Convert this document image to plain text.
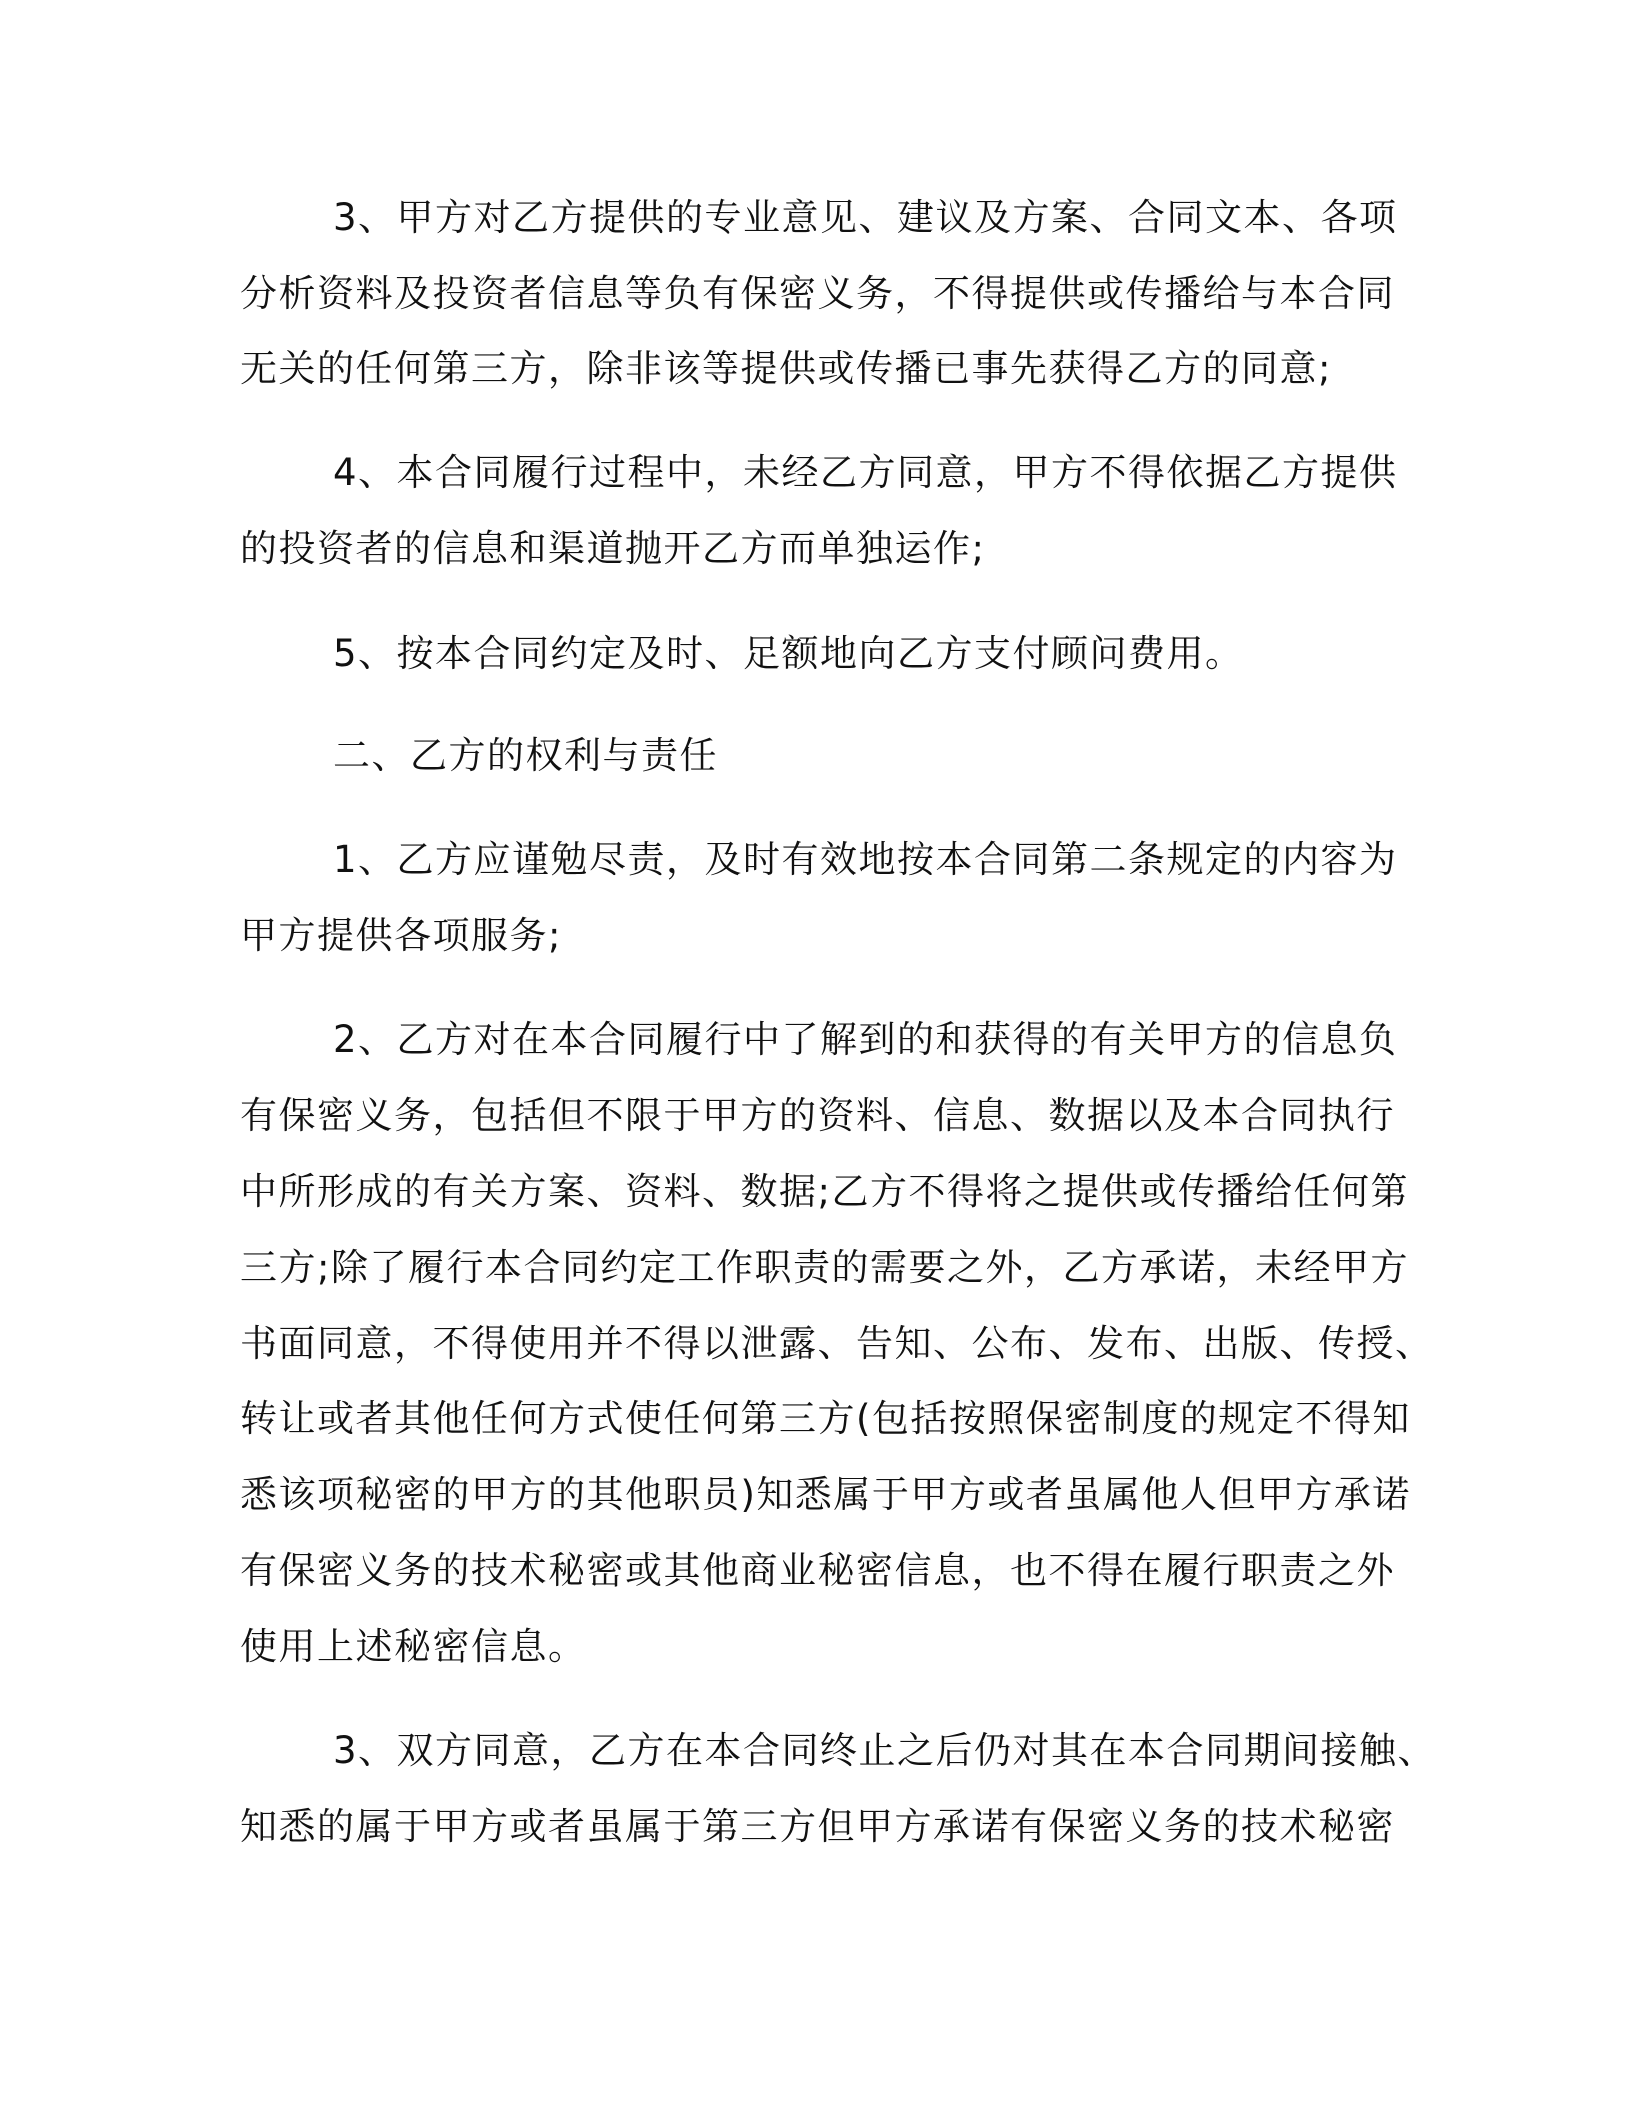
3、甲方对乙方提供的专业意见、建议及方案、合同文本、各项
分析资料及投资者信息等负有保密义务，不得提供或传播给与本合同
无关的任何第三方，除非该等提供或传播已事先获得乙方的同意;
4、本合同履行过程中，未经乙方同意，甲方不得依据乙方提供
的投资者的信息和渠道抛开乙方而单独运作;
5、按本合同约定及时、足额地向乙方支付顾问费用。
二、乙方的权利与责任
1、乙方应谨勉尽责，及时有效地按本合同第二条规定的内容为
甲方提供各项服务;
2、乙方对在本合同履行中了解到的和获得的有关甲方的信息负
有保密义务，包括但不限于甲方的资料、信息、数据以及本合同执行
中所形成的有关方案、资料、数据;乙方不得将之提供或传播给任何第
三方;除了履行本合同约定工作职责的需要之外，乙方承诺，未经甲方
书面同意，不得使用并不得以泄露、告知、公布、发布、出版、传授、
转让或者其他任何方式使任何第三方(包括按照保密制度的规定不得知
悉该项秘密的甲方的其他职员)知悉属于甲方或者虽属他人但甲方承诺
有保密义务的技术秘密或其他商业秘密信息，也不得在履行职责之外
使用上述秘密信息。
3、双方同意，乙方在本合同终止之后仍对其在本合同期间接触、
知悉的属于甲方或者虽属于第三方但甲方承诺有保密义务的技术秘密
